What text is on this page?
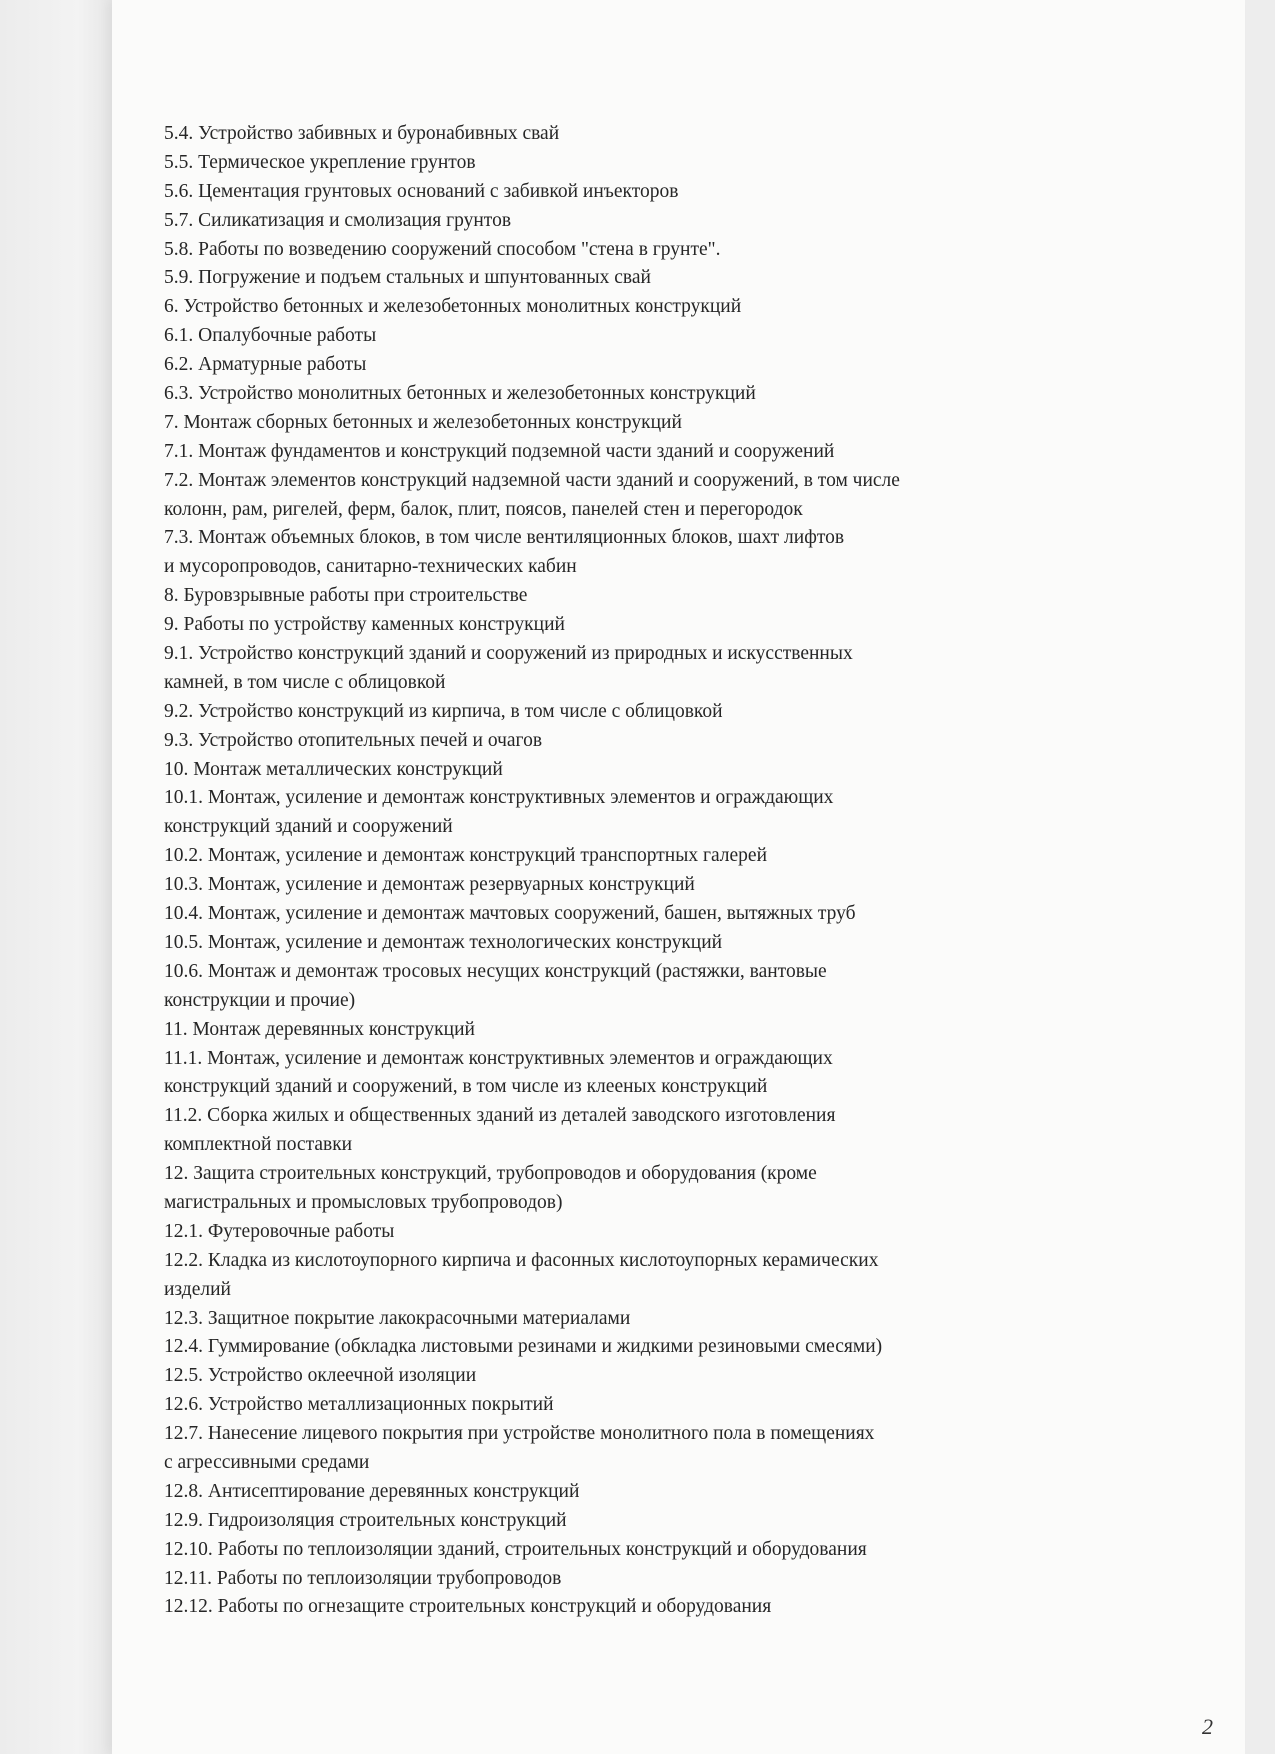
5.4. Устройство забивных и буронабивных свай
5.5. Термическое укрепление грунтов
5.6. Цементация грунтовых оснований с забивкой инъекторов
5.7. Силикатизация и смолизация грунтов
5.8. Работы по возведению сооружений способом "стена в грунте".
5.9. Погружение и подъем стальных и шпунтованных свай
6. Устройство бетонных и железобетонных монолитных конструкций
6.1. Опалубочные работы
6.2. Арматурные работы
6.3. Устройство монолитных бетонных и железобетонных конструкций
7. Монтаж сборных бетонных и железобетонных конструкций
7.1. Монтаж фундаментов и конструкций подземной части зданий и сооружений
7.2. Монтаж элементов конструкций надземной части зданий и сооружений, в том числе
колонн, рам, ригелей, ферм, балок, плит, поясов, панелей стен и перегородок
7.3. Монтаж объемных блоков, в том числе вентиляционных блоков, шахт лифтов
и мусоропроводов, санитарно-технических кабин
8. Буровзрывные работы при строительстве
9. Работы по устройству каменных конструкций
9.1. Устройство конструкций зданий и сооружений из природных и искусственных
камней, в том числе с облицовкой
9.2. Устройство конструкций из кирпича, в том числе с облицовкой
9.3. Устройство отопительных печей и очагов
10. Монтаж металлических конструкций
10.1. Монтаж, усиление и демонтаж конструктивных элементов и ограждающих
конструкций зданий и сооружений
10.2. Монтаж, усиление и демонтаж конструкций транспортных галерей
10.3. Монтаж, усиление и демонтаж резервуарных конструкций
10.4. Монтаж, усиление и демонтаж мачтовых сооружений, башен, вытяжных труб
10.5. Монтаж, усиление и демонтаж технологических конструкций
10.6. Монтаж и демонтаж тросовых несущих конструкций (растяжки, вантовые
конструкции и прочие)
11. Монтаж деревянных конструкций
11.1. Монтаж, усиление и демонтаж конструктивных элементов и ограждающих
конструкций зданий и сооружений, в том числе из клееных конструкций
11.2. Сборка жилых и общественных зданий из деталей заводского изготовления
комплектной поставки
12. Защита строительных конструкций, трубопроводов и оборудования (кроме
магистральных и промысловых трубопроводов)
12.1. Футеровочные работы
12.2. Кладка из кислотоупорного кирпича и фасонных кислотоупорных керамических
изделий
12.3. Защитное покрытие лакокрасочными материалами
12.4. Гуммирование (обкладка листовыми резинами и жидкими резиновыми смесями)
12.5. Устройство оклеечной изоляции
12.6. Устройство металлизационных покрытий
12.7. Нанесение лицевого покрытия при устройстве монолитного пола в помещениях
с агрессивными средами
12.8. Антисептирование деревянных конструкций
12.9. Гидроизоляция строительных конструкций
12.10. Работы по теплоизоляции зданий, строительных конструкций и оборудования
12.11. Работы по теплоизоляции трубопроводов
12.12. Работы по огнезащите строительных конструкций и оборудования
2
